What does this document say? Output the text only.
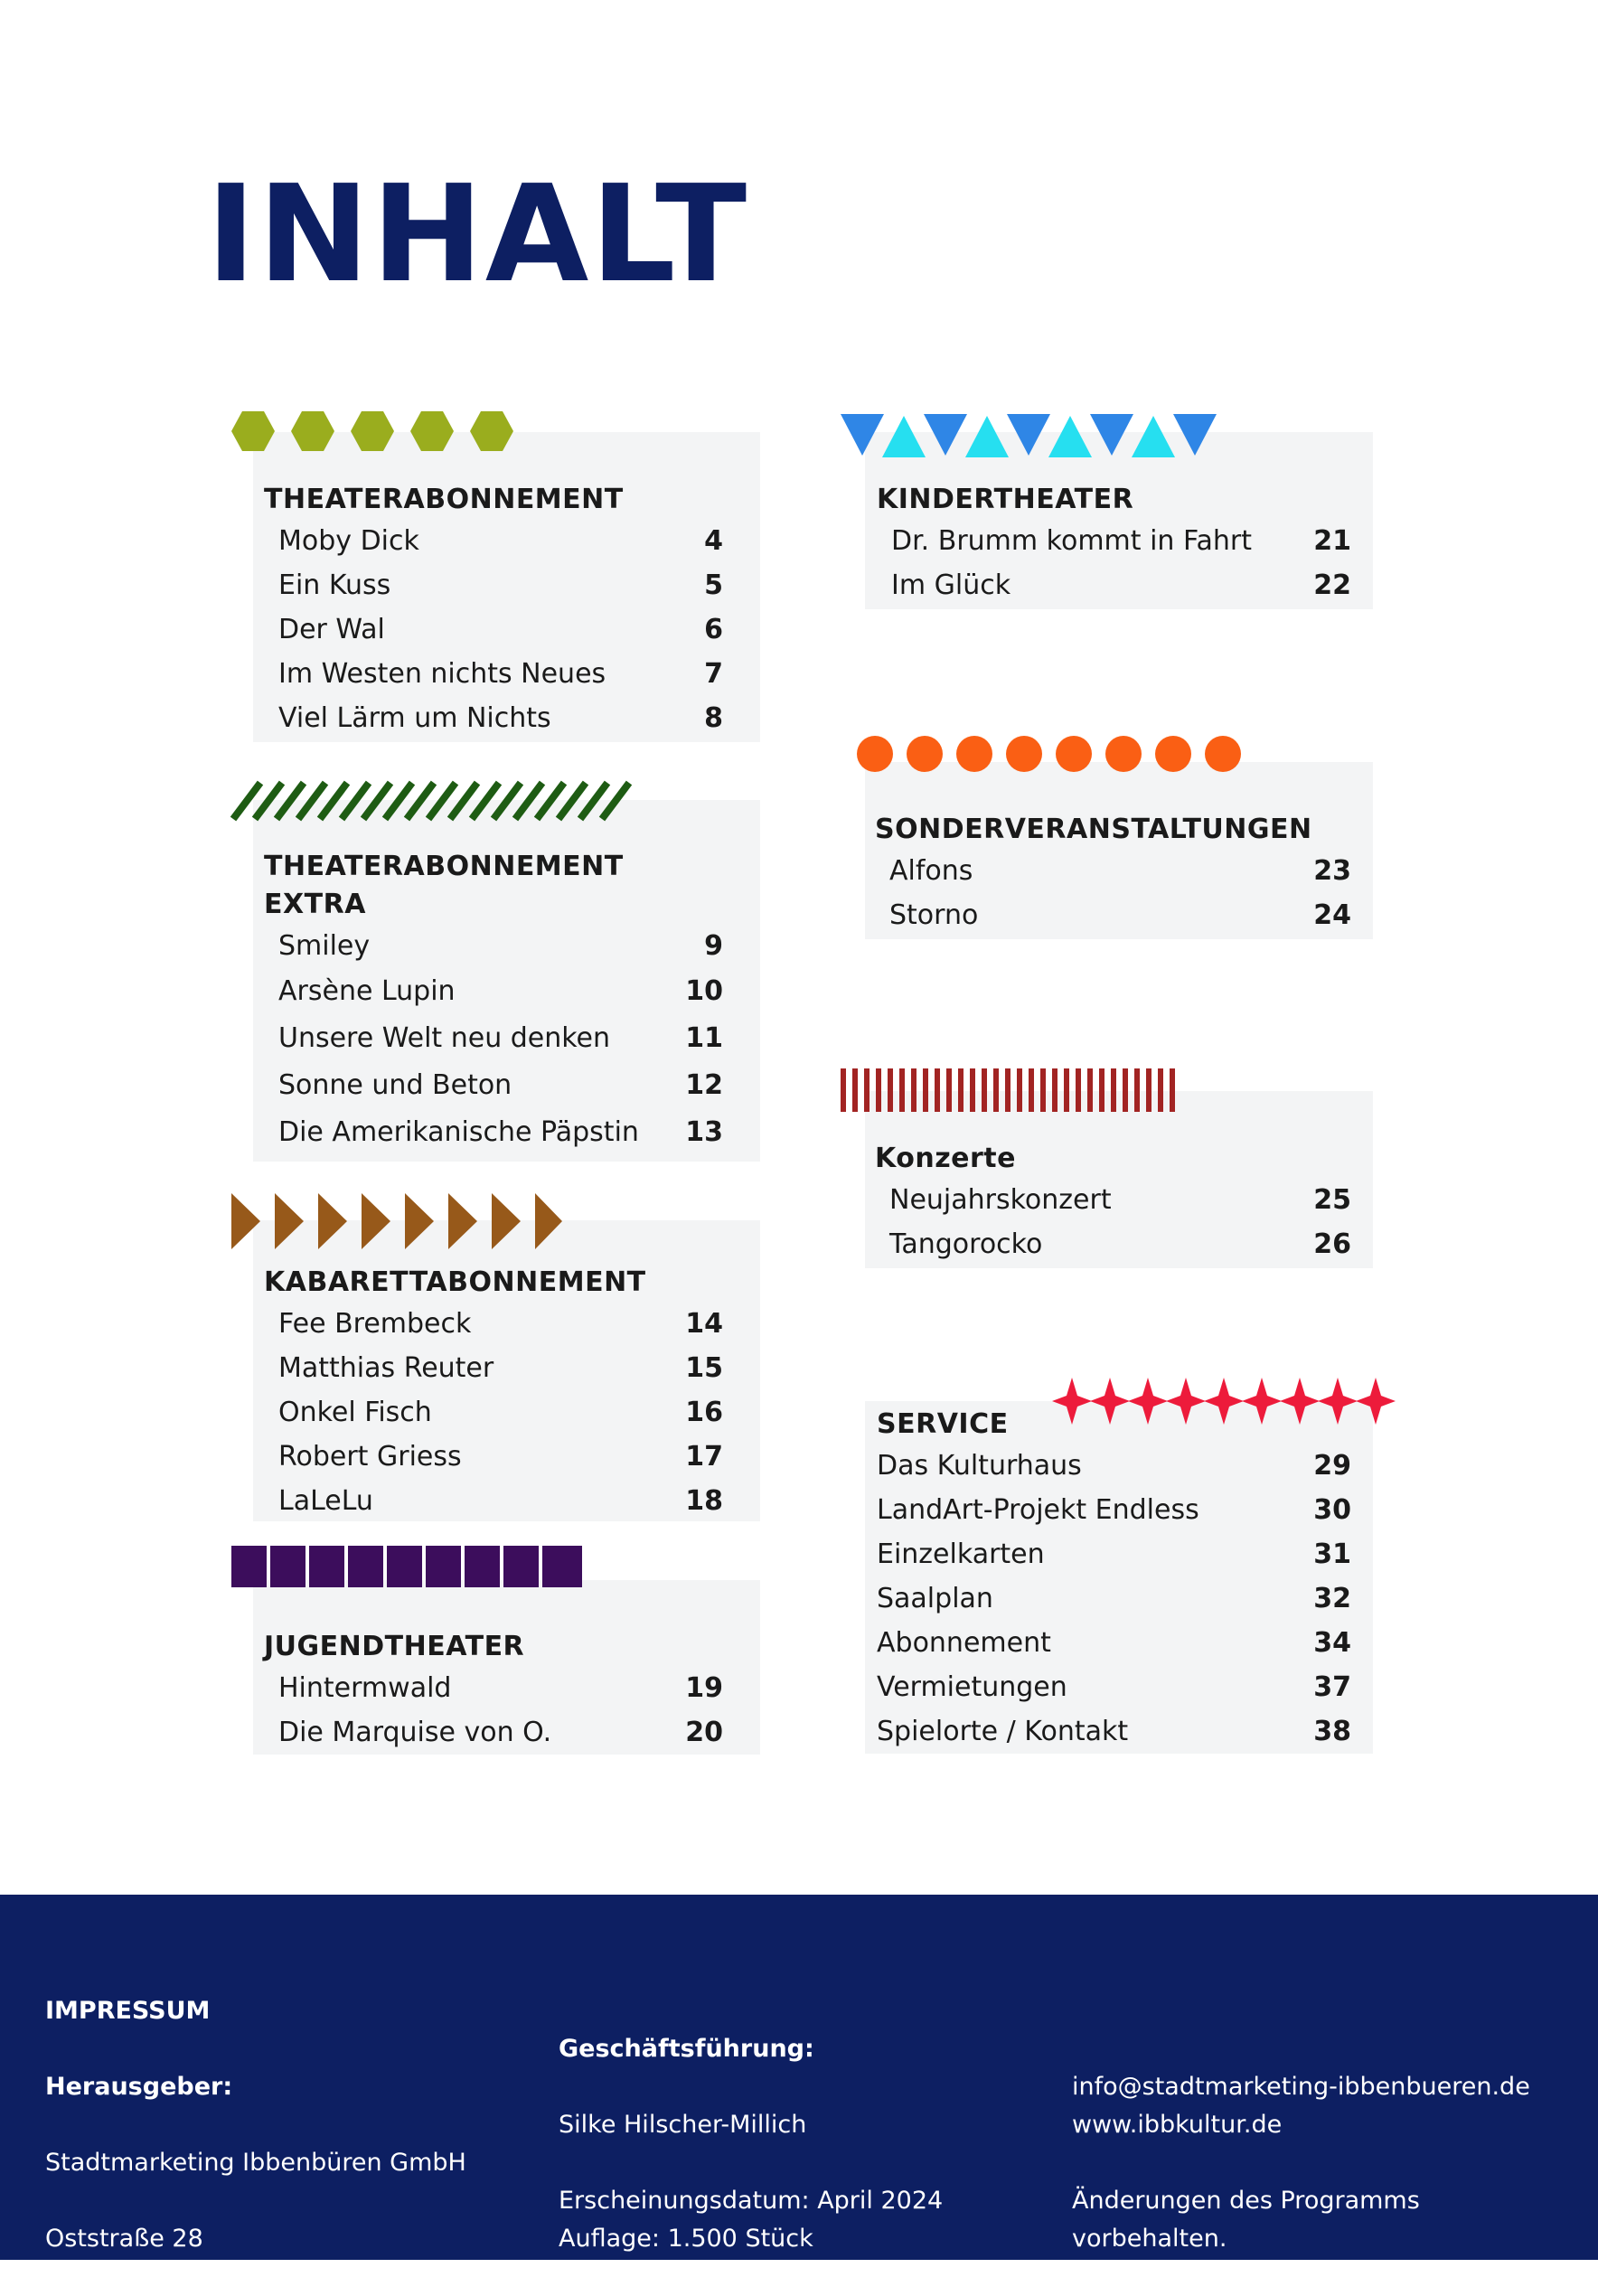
INHALT
THEATERABONNEMENT
Moby Dick	4
Ein Kuss	5
Der Wal	6
Im Westen nichts Neues	7
Viel Lärm um Nichts	8
THEATERABONNEMENT
EXTRA
Smiley	9
Arsène Lupin	10
Unsere Welt neu denken	11
Sonne und Beton	12
Die Amerikanische Päpstin 13
KABARETTABONNEMENT
Fee Brembeck	14
Matthias Reuter	15
Onkel Fisch	16
Robert Griess	17
LaLeLu	18
JUGENDTHEATER
Hintermwald	19
Die Marquise von O.	20
KINDERTHEATER
Dr. Brumm kommt in Fahrt 21
Im Glück	22
SONDERVERANSTALTUNGEN
Alfons	23
Storno	24
Konzerte
Neujahrskonzert	25
Tangorocko	26
SERVICE
Das Kulturhaus	29
LandArt-Projekt Endless	30
Einzelkarten	31
Saalplan	32
Abonnement	34
Vermietungen	37
Spielorte / Kontakt	38

IMPRESSUM

Herausgeber:

Stadtmarketing Ibbenbüren GmbH

Oststraße 28
49477 Ibbenbüren

Geschäftsführung:

Silke Hilscher-Millich

Erscheinungsdatum: April 2024
Auflage: 1.500 Stück

info@stadtmarketing-ibbenbueren.de
www.ibbkultur.de

Änderungen des Programms vorbehalten.
